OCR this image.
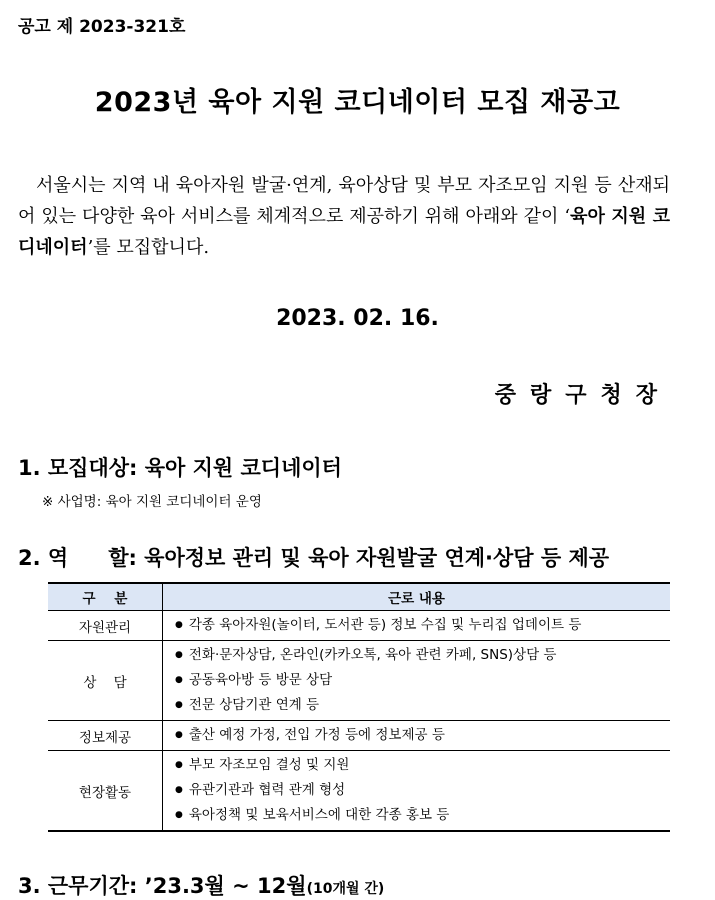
공고 제 2023-321호
2023년 육아 지원 코디네이터 모집 재공고
서울시는 지역 내 육아자원 발굴·연계, 육아상담 및 부모 자조모임 지원 등 산재되어 있는 다양한 육아 서비스를 체계적으로 제공하기 위해 아래와 같이 ‘육아 지원 코디네이터’를 모집합니다.
2023. 02. 16.
중랑구청장
1. 모집대상: 육아 지원 코디네이터
※ 사업명: 육아 지원 코디네이터 운영
2. 역 할: 육아정보 관리 및 육아 자원발굴 연계·상담 등 제공
구    분	근로 내용
자원관리	● 각종 육아자원(놀이터, 도서관 등) 정보 수집 및 누리집 업데이트 등

상    담	● 전화·문자상담, 온라인(카카오톡, 육아 관련 카페, SNS)상담 등
● 공동육아방 등 방문 상담
● 전문 상담기관 연계 등

정보제공	● 출산 예정 가정, 전입 가정 등에 정보제공 등

현장활동	● 부모 자조모임 결성 및 지원
● 유관기관과 협력 관계 형성
● 육아정책 및 보육서비스에 대한 각종 홍보 등
3. 근무기간: ’23.3월 ~ 12월(10개월 간)
